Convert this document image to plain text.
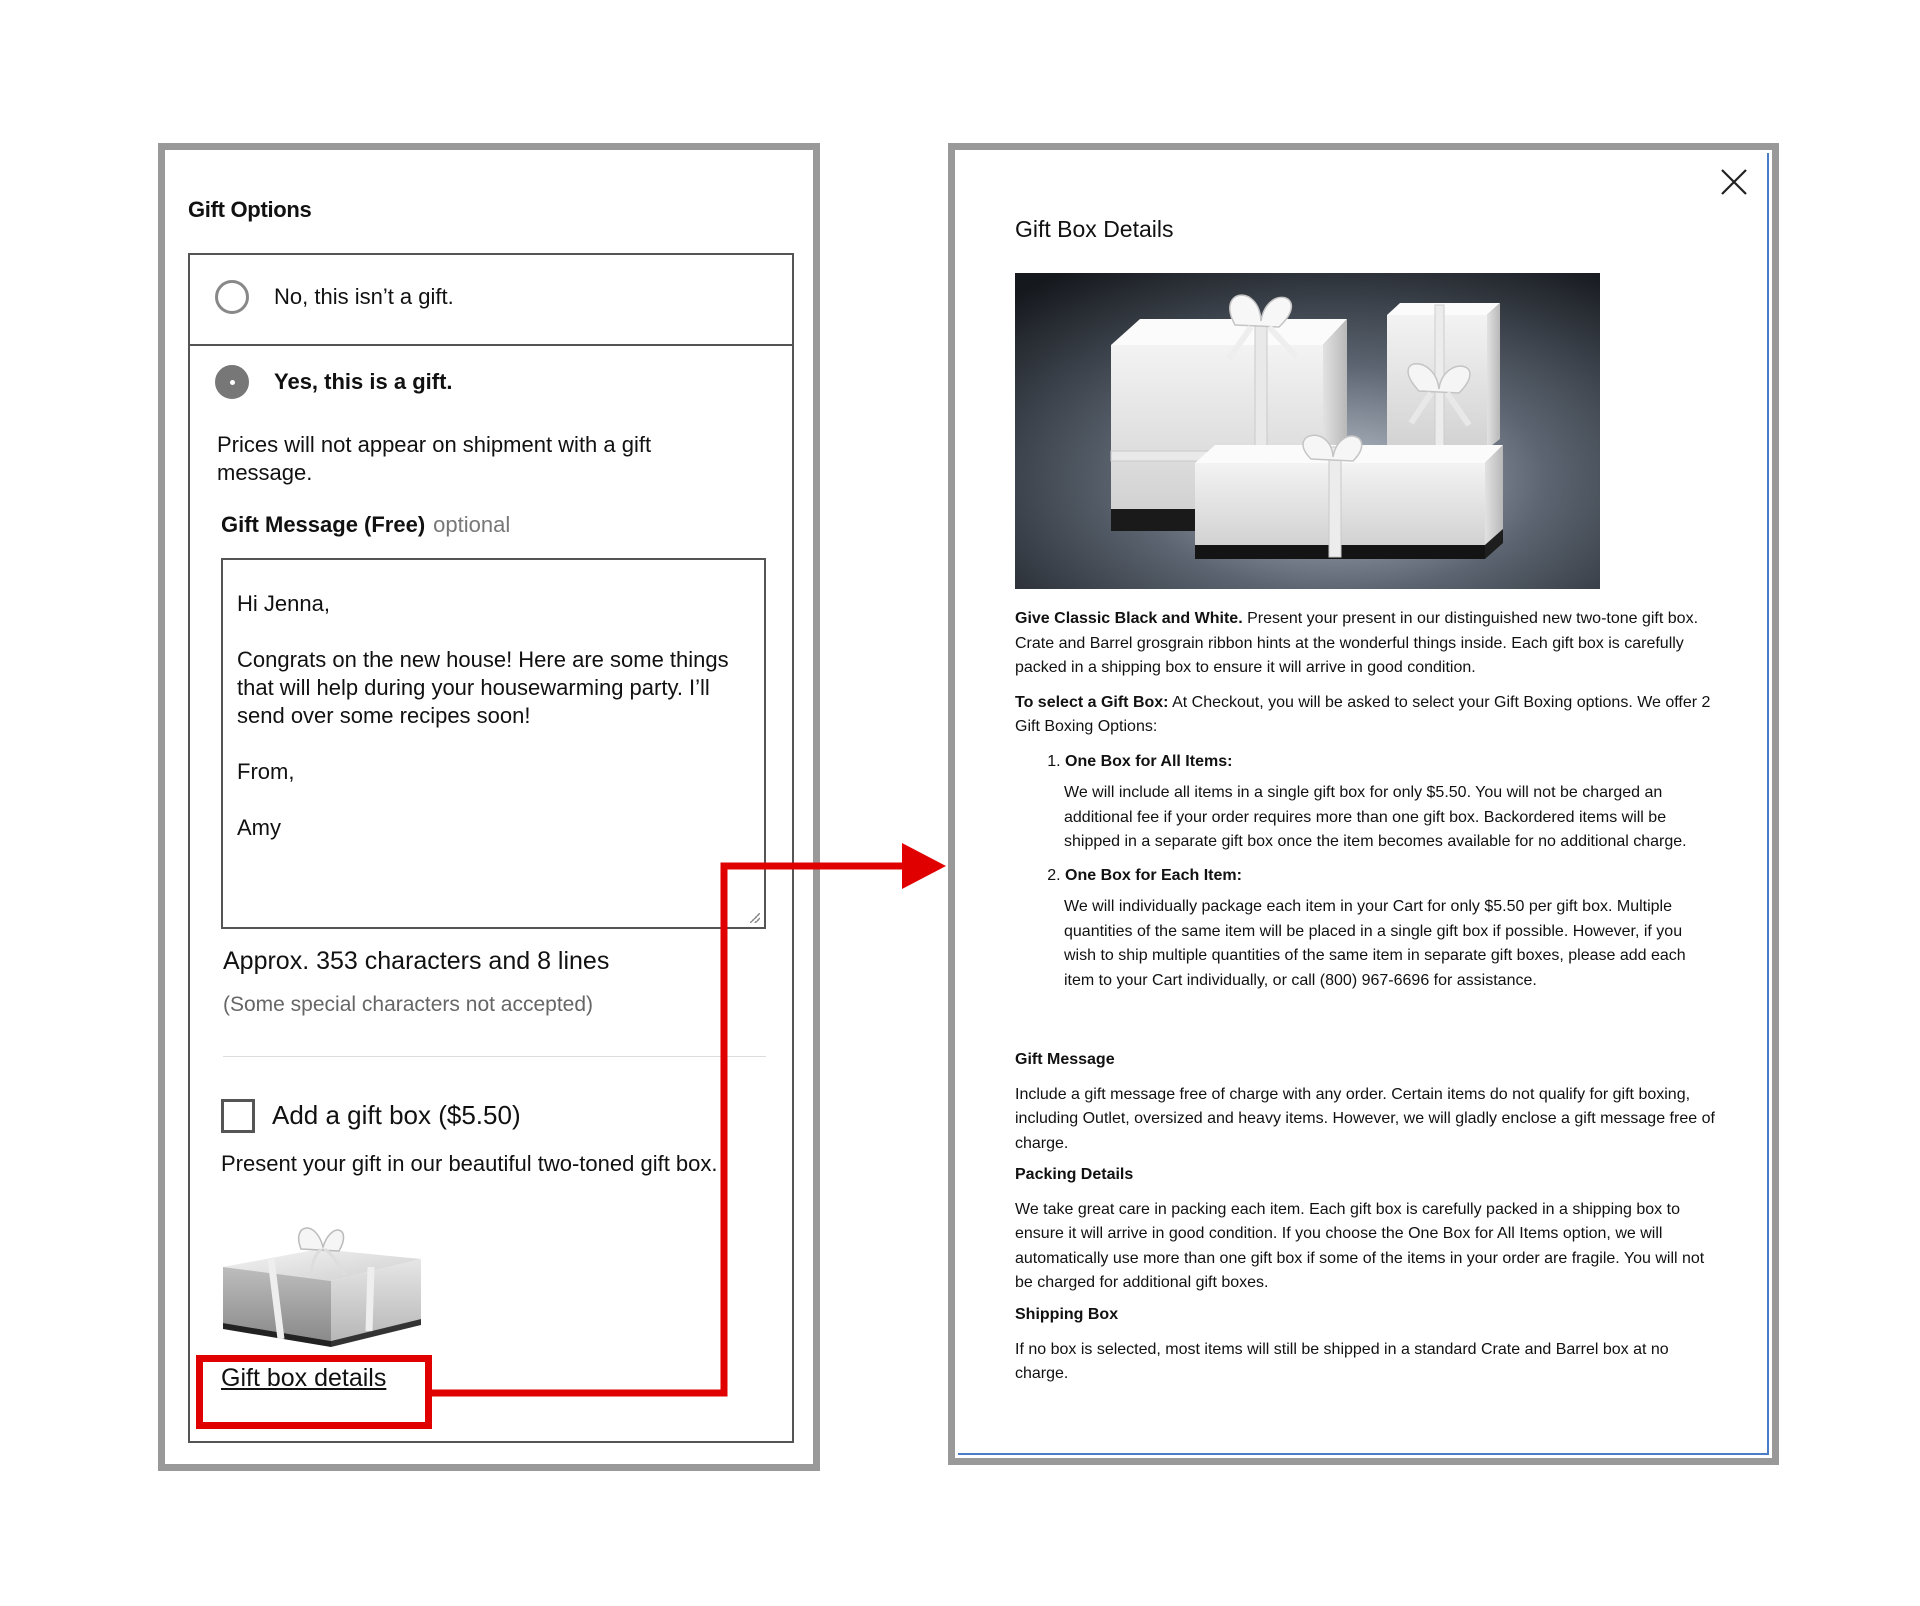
Gift Options
No, this isn’t a gift.
Yes, this is a gift.
Prices will not appear on shipment with a gift message.
Gift Message (Free) optional
Hi Jenna,

Congrats on the new house! Here are some things that will help during your housewarming party. I’ll send over some recipes soon!

From,

Amy
Approx. 353 characters and 8 lines
(Some special characters not accepted)
Add a gift box ($5.50)
Present your gift in our beautiful two-toned gift box.
Gift box details
Gift Box Details

Give Classic Black and White. Present your present in our distinguished new two-tone gift box. Crate and Barrel grosgrain ribbon hints at the wonderful things inside. Each gift box is carefully packed in a shipping box to ensure it will arrive in good condition.

To select a Gift Box: At Checkout, you will be asked to select your Gift Boxing options. We offer 2 Gift Boxing Options:

1. One Box for All Items:
We will include all items in a single gift box for only $5.50. You will not be charged an additional fee if your order requires more than one gift box. Backordered items will be shipped in a separate gift box once the item becomes available for no additional charge.
2. One Box for Each Item:
We will individually package each item in your Cart for only $5.50 per gift box. Multiple quantities of the same item will be placed in a single gift box if possible. However, if you wish to ship multiple quantities of the same item in separate gift boxes, please add each item to your Cart individually, or call (800) 967-6696 for assistance.

Gift Message

Include a gift message free of charge with any order. Certain items do not qualify for gift boxing, including Outlet, oversized and heavy items. However, we will gladly enclose a gift message free of charge.

Packing Details

We take great care in packing each item. Each gift box is carefully packed in a shipping box to ensure it will arrive in good condition. If you choose the One Box for All Items option, we will automatically use more than one gift box if some of the items in your order are fragile. You will not be charged for additional gift boxes.

Shipping Box

If no box is selected, most items will still be shipped in a standard Crate and Barrel box at no charge.
